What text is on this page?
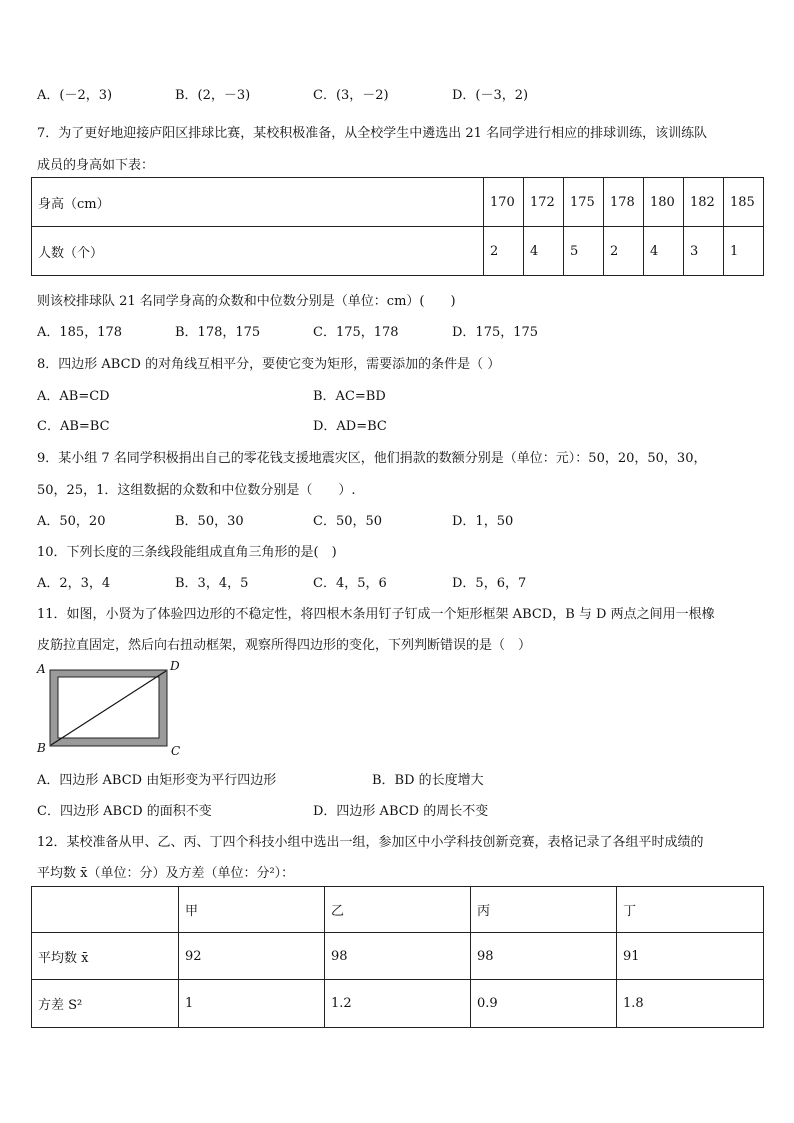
A．(－2，3)	B．(2，－3)	C．(3，－2)	D．(－3，2)
7．为了更好地迎接庐阳区排球比赛，某校积极准备，从全校学生中遴选出 21 名同学进行相应的排球训练，该训练队
成员的身高如下表：
身高（cm）	170	172	175	178	180	182	185
人数（个）	2	4	5	2	4	3	1
则该校排球队 21 名同学身高的众数和中位数分别是（单位：cm）(　　)
A．185，178	B．178，175	C．175，178	D．175，175
8．四边形 ABCD 的对角线互相平分，要使它变为矩形，需要添加的条件是（ ）
A．AB=CD	B．AC=BD
C．AB=BC	D．AD=BC
9．某小组 7 名同学积极捐出自己的零花钱支援地震灾区，他们捐款的数额分别是（单位：元）：50，20，50，30，
50，25，1．这组数据的众数和中位数分别是（　　）.
A．50，20	B．50，30	C．50，50	D．1，50
10．下列长度的三条线段能组成直角三角形的是(　)
A．2，3，4	B．3，4，5	C．4，5，6	D．5，6，7
11．如图，小贤为了体验四边形的不稳定性，将四根木条用钉子钉成一个矩形框架 ABCD，B 与 D 两点之间用一根橡
皮筋拉直固定，然后向右扭动框架，观察所得四边形的变化，下列判断错误的是（　）
A	D
B	C
A．四边形 ABCD 由矩形变为平行四边形	B．BD 的长度增大
C．四边形 ABCD 的面积不变	D．四边形 ABCD 的周长不变
12．某校准备从甲、乙、丙、丁四个科技小组中选出一组，参加区中小学科技创新竞赛，表格记录了各组平时成绩的
平均数 x̄（单位：分）及方差（单位：分²）：
	甲	乙	丙	丁
平均数 x̄	92	98	98	91
方差 S²	1	1.2	0.9	1.8
